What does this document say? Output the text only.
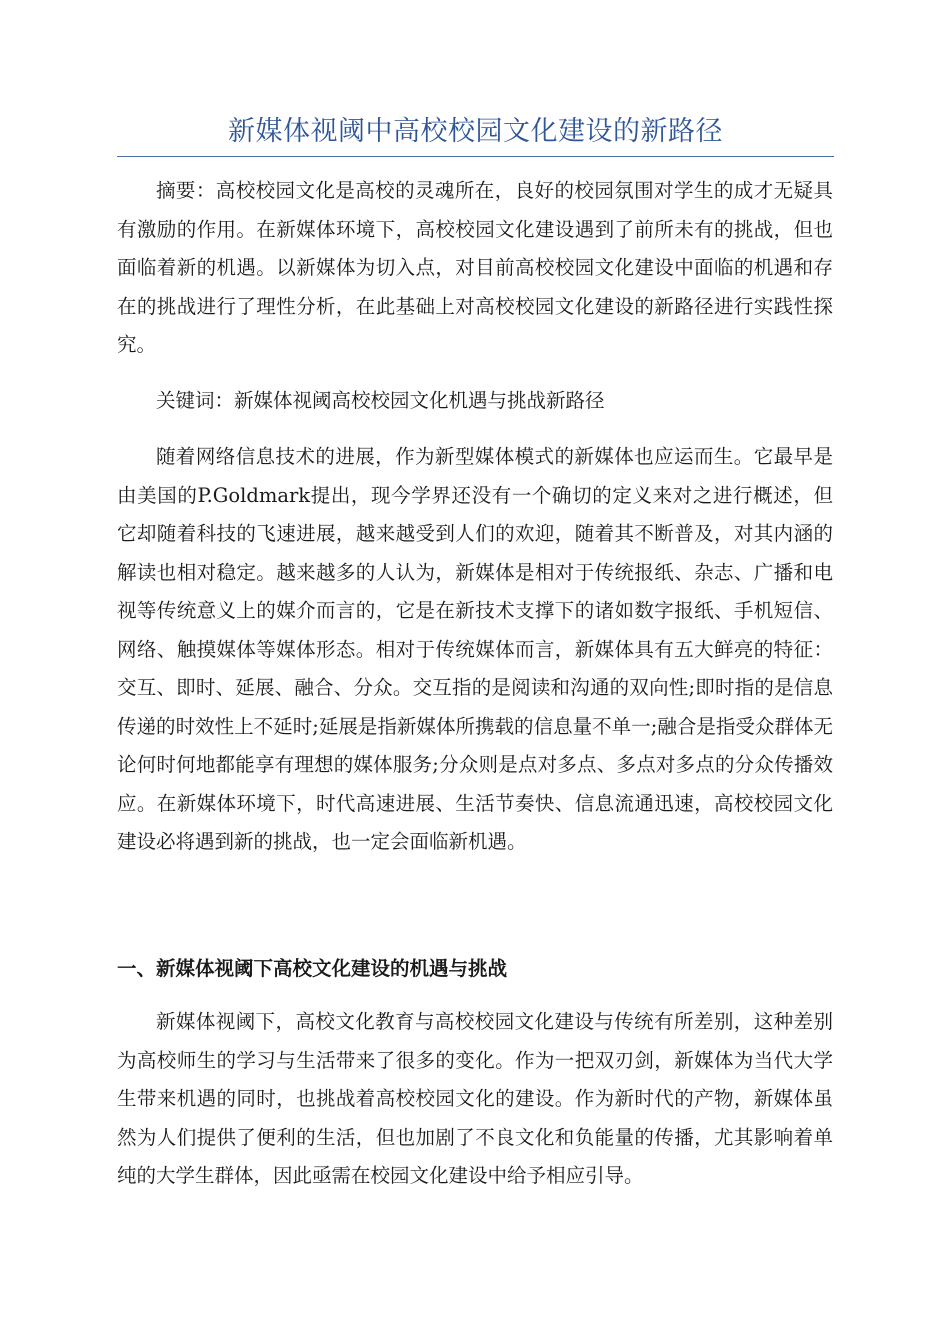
新媒体视阈中高校校园文化建设的新路径

摘要：高校校园文化是高校的灵魂所在，良好的校园氛围对学生的成才无疑具有激励的作用。在新媒体环境下，高校校园文化建设遇到了前所未有的挑战，但也面临着新的机遇。以新媒体为切入点，对目前高校校园文化建设中面临的机遇和存在的挑战进行了理性分析，在此基础上对高校校园文化建设的新路径进行实践性探究。

关键词：新媒体视阈高校校园文化机遇与挑战新路径

随着网络信息技术的进展，作为新型媒体模式的新媒体也应运而生。它最早是由美国的P.Goldmark提出，现今学界还没有一个确切的定义来对之进行概述，但它却随着科技的飞速进展，越来越受到人们的欢迎，随着其不断普及，对其内涵的解读也相对稳定。越来越多的人认为，新媒体是相对于传统报纸、杂志、广播和电视等传统意义上的媒介而言的，它是在新技术支撑下的诸如数字报纸、手机短信、网络、触摸媒体等媒体形态。相对于传统媒体而言，新媒体具有五大鲜亮的特征：交互、即时、延展、融合、分众。交互指的是阅读和沟通的双向性;即时指的是信息传递的时效性上不延时;延展是指新媒体所携载的信息量不单一;融合是指受众群体无论何时何地都能享有理想的媒体服务;分众则是点对多点、多点对多点的分众传播效应。在新媒体环境下，时代高速进展、生活节奏快、信息流通迅速，高校校园文化建设必将遇到新的挑战，也一定会面临新机遇。

一、新媒体视阈下高校文化建设的机遇与挑战

新媒体视阈下，高校文化教育与高校校园文化建设与传统有所差别，这种差别为高校师生的学习与生活带来了很多的变化。作为一把双刃剑，新媒体为当代大学生带来机遇的同时，也挑战着高校校园文化的建设。作为新时代的产物，新媒体虽然为人们提供了便利的生活，但也加剧了不良文化和负能量的传播，尤其影响着单纯的大学生群体，因此亟需在校园文化建设中给予相应引导。
